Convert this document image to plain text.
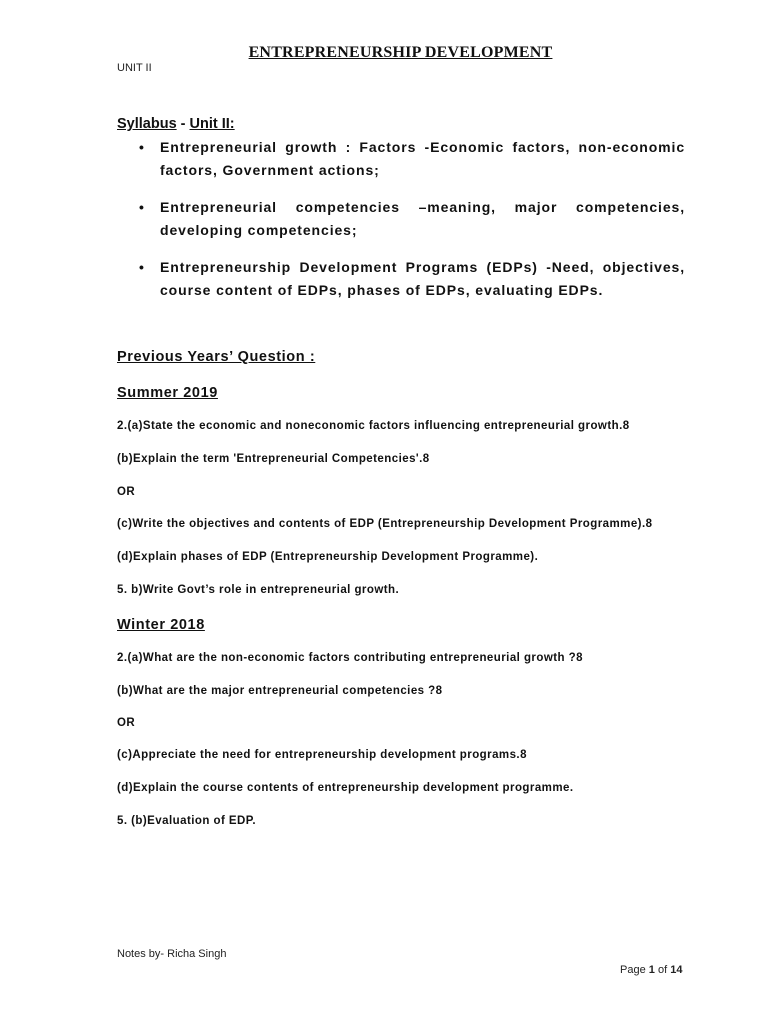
ENTREPRENEURSHIP DEVELOPMENT
UNIT II
Syllabus - Unit II:
• Entrepreneurial growth : Factors -Economic factors, non-economic factors, Government actions;
• Entrepreneurial competencies –meaning, major competencies, developing competencies;
• Entrepreneurship Development Programs (EDPs) -Need, objectives, course content of EDPs, phases of EDPs, evaluating EDPs.
Previous Years’ Question :
Summer 2019
2.(a)State the economic and noneconomic factors influencing entrepreneurial growth.8
(b)Explain the term 'Entrepreneurial Competencies'.8
OR
(c)Write the objectives and contents of EDP (Entrepreneurship Development Programme).8
(d)Explain phases of EDP (Entrepreneurship Development Programme).
5. b)Write Govt’s role in entrepreneurial growth.
Winter 2018
2.(a)What are the non-economic factors contributing entrepreneurial growth ?8
(b)What are the major entrepreneurial competencies ?8
OR
(c)Appreciate the need for entrepreneurship development programs.8
(d)Explain the course contents of entrepreneurship development programme.
5. (b)Evaluation of EDP.
Notes by- Richa Singh
Page 1 of 14
